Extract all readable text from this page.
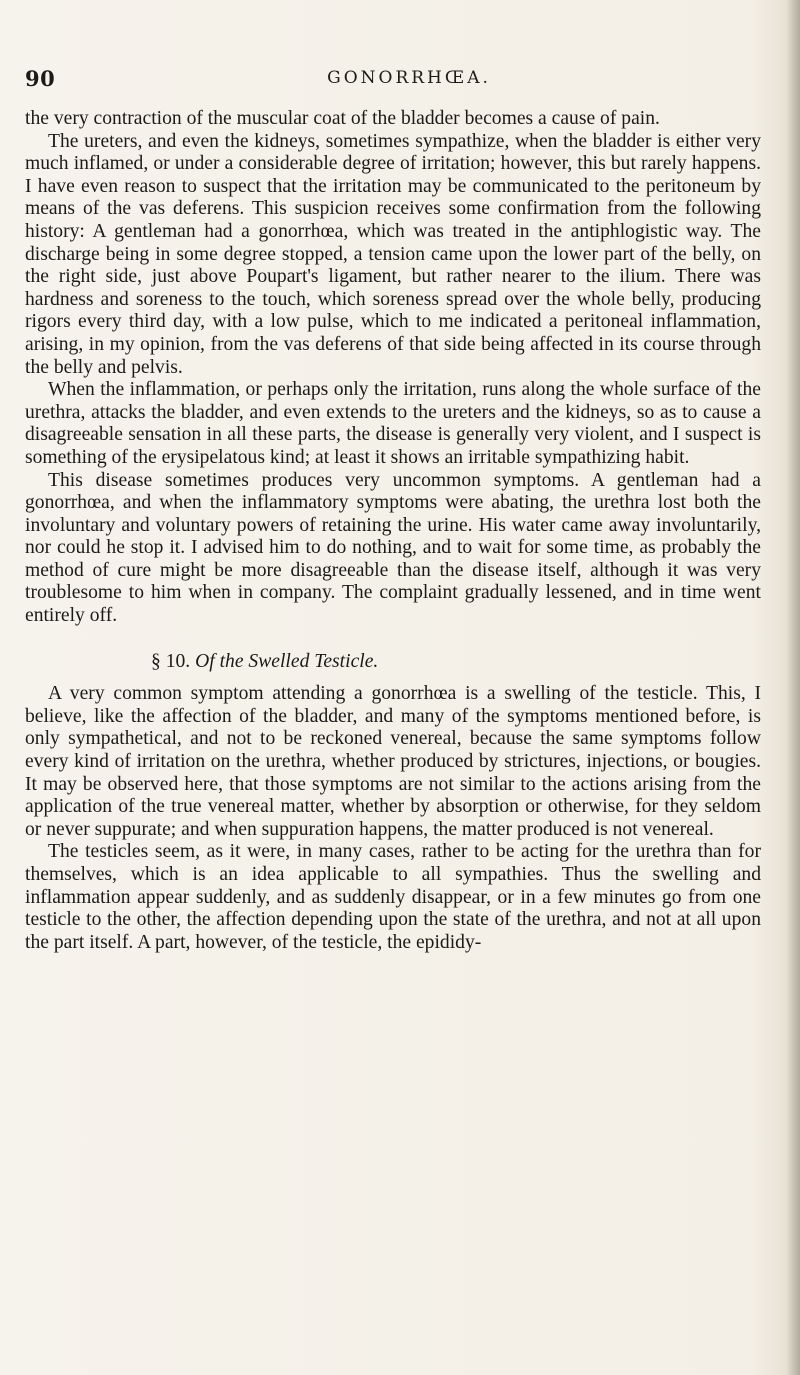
90	GONORRHŒA.

the very contraction of the muscular coat of the bladder becomes a cause of pain.

The ureters, and even the kidneys, sometimes sympathize, when the bladder is either very much inflamed, or under a considerable degree of irritation; however, this but rarely happens. I have even reason to suspect that the irritation may be communicated to the peritoneum by means of the vas deferens. This suspicion receives some confirmation from the following history: A gentleman had a gonorrhœa, which was treated in the antiphlogistic way. The discharge being in some degree stopped, a tension came upon the lower part of the belly, on the right side, just above Poupart's ligament, but rather nearer to the ilium. There was hardness and soreness to the touch, which soreness spread over the whole belly, producing rigors every third day, with a low pulse, which to me indicated a peritoneal inflammation, arising, in my opinion, from the vas deferens of that side being affected in its course through the belly and pelvis.

When the inflammation, or perhaps only the irritation, runs along the whole surface of the urethra, attacks the bladder, and even extends to the ureters and the kidneys, so as to cause a disagreeable sensation in all these parts, the disease is generally very violent, and I suspect is something of the erysipelatous kind; at least it shows an irritable sympathizing habit.

This disease sometimes produces very uncommon symptoms. A gentleman had a gonorrhœa, and when the inflammatory symptoms were abating, the urethra lost both the involuntary and voluntary powers of retaining the urine. His water came away involuntarily, nor could he stop it. I advised him to do nothing, and to wait for some time, as probably the method of cure might be more disagreeable than the disease itself, although it was very troublesome to him when in company. The complaint gradually lessened, and in time went entirely off.

§ 10. Of the Swelled Testicle.

A very common symptom attending a gonorrhœa is a swelling of the testicle. This, I believe, like the affection of the bladder, and many of the symptoms mentioned before, is only sympathetical, and not to be reckoned venereal, because the same symptoms follow every kind of irritation on the urethra, whether produced by strictures, injections, or bougies. It may be observed here, that those symptoms are not similar to the actions arising from the application of the true venereal matter, whether by absorption or otherwise, for they seldom or never suppurate; and when suppuration happens, the matter produced is not venereal.

The testicles seem, as it were, in many cases, rather to be acting for the urethra than for themselves, which is an idea applicable to all sympathies. Thus the swelling and inflammation appear suddenly, and as suddenly disappear, or in a few minutes go from one testicle to the other, the affection depending upon the state of the urethra, and not at all upon the part itself. A part, however, of the testicle, the epididy-
